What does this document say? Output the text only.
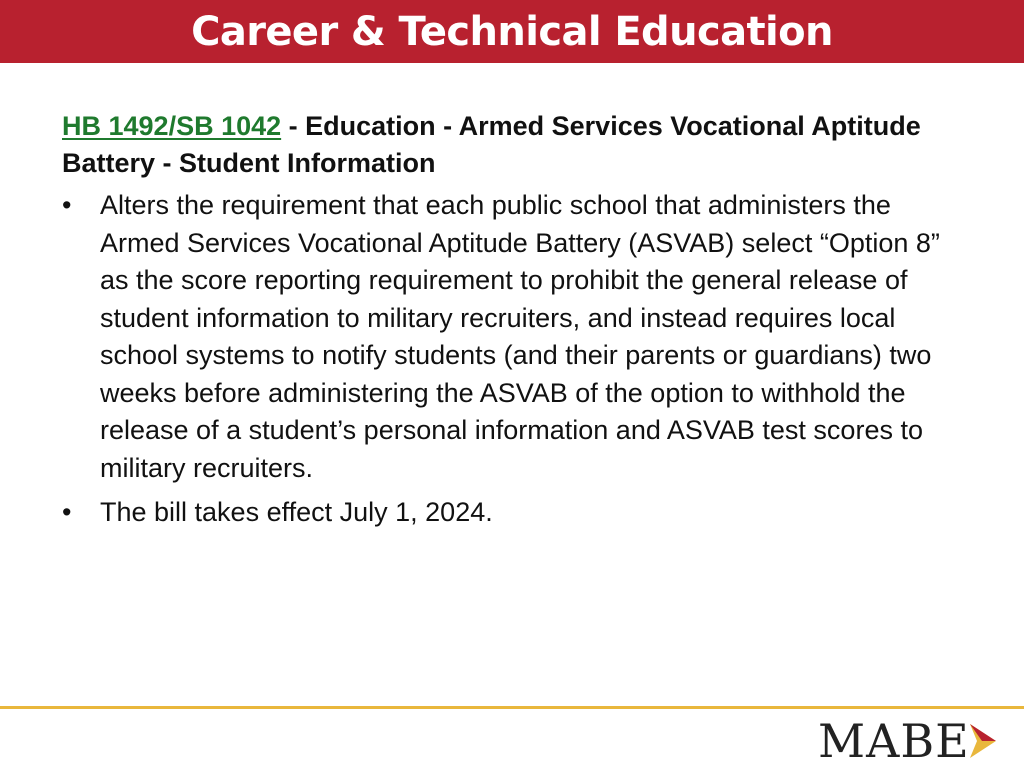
Career & Technical Education
HB 1492/SB 1042 - Education - Armed Services Vocational Aptitude Battery - Student Information
•	Alters the requirement that each public school that administers the Armed Services Vocational Aptitude Battery (ASVAB) select “Option 8” as the score reporting requirement to prohibit the general release of student information to military recruiters, and instead requires local school systems to notify students (and their parents or guardians) two weeks before administering the ASVAB of the option to withhold the release of a student’s personal information and ASVAB test scores to military recruiters.
•	The bill takes effect July 1, 2024.
MABE
